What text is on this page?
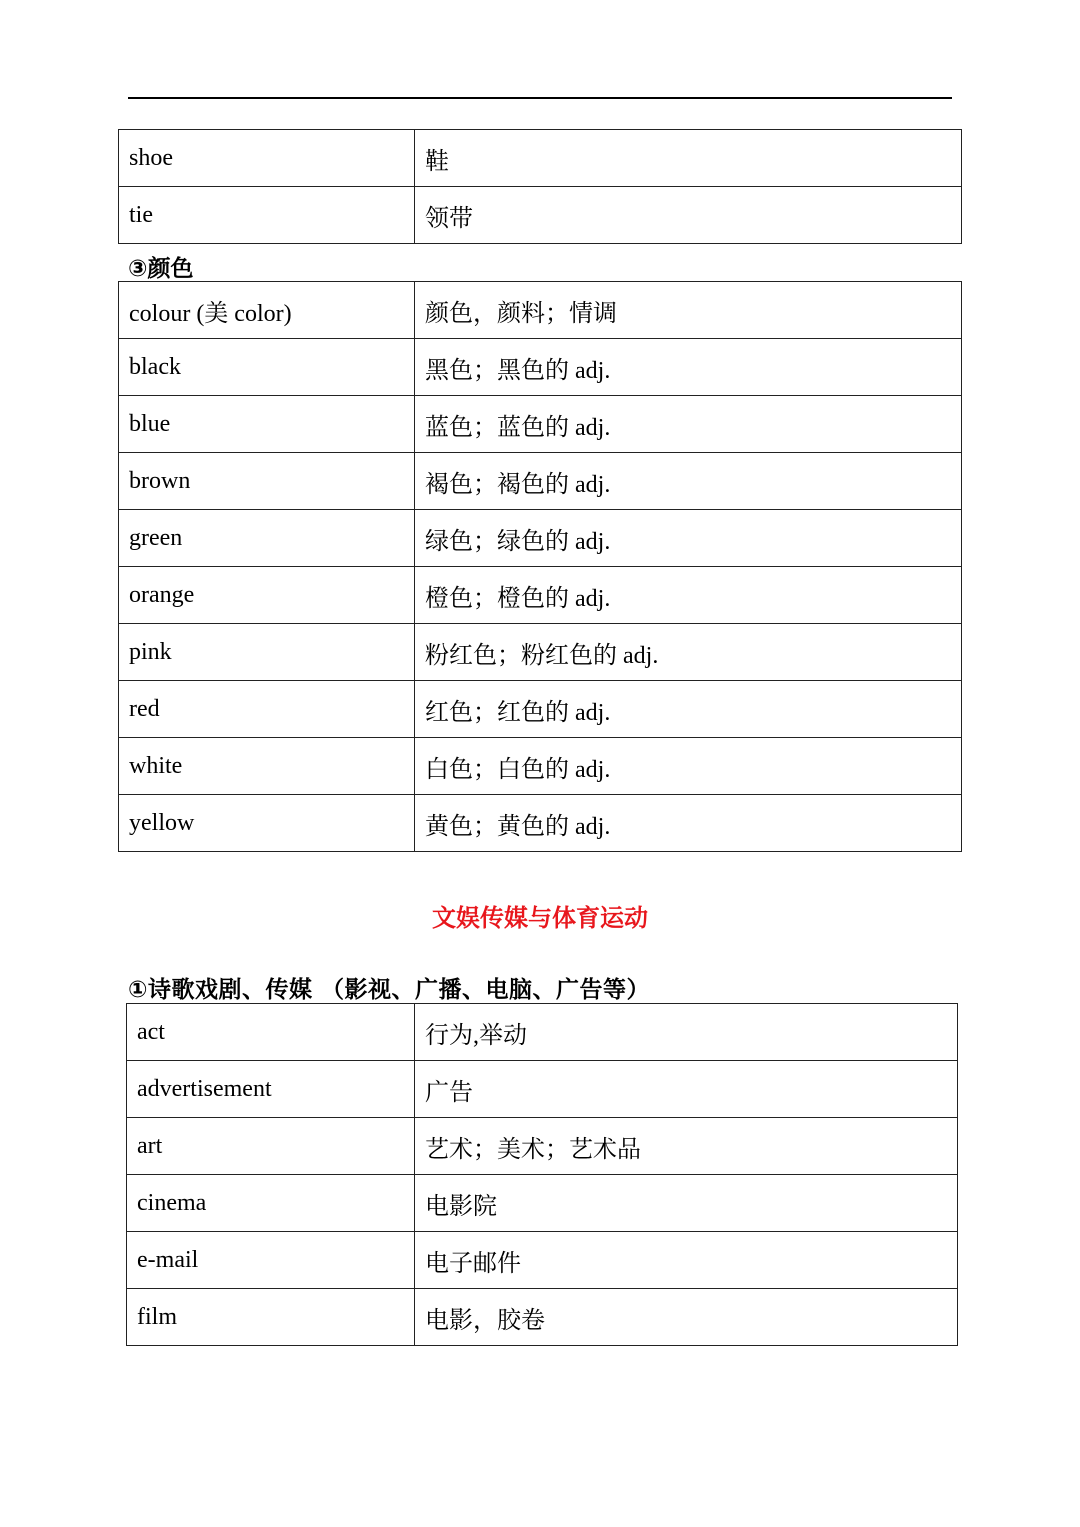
shoe	鞋
tie	领带
③颜色
colour (美 color)	颜色，颜料；情调
black	黑色；黑色的 adj.
blue	蓝色；蓝色的 adj.
brown	褐色；褐色的 adj.
green	绿色；绿色的 adj.
orange	橙色；橙色的 adj.
pink	粉红色；粉红色的 adj.
red	红色；红色的 adj.
white	白色；白色的 adj.
yellow	黄色；黄色的 adj.
文娱传媒与体育运动
①诗歌戏剧、传媒 （影视、广播、电脑、广告等）
act	行为,举动
advertisement	广告
art	艺术；美术；艺术品
cinema	电影院
e-mail	电子邮件
film	电影，胶卷
